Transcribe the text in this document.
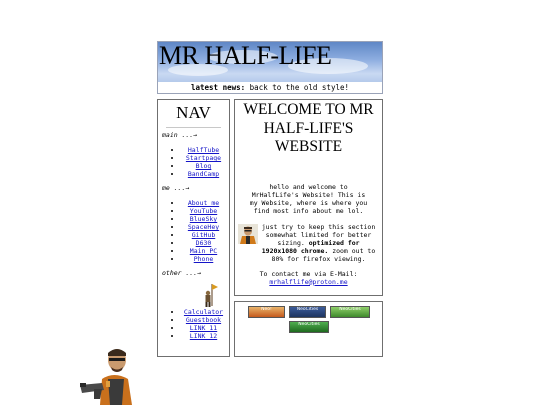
MR HALF-LIFE
latest news: back to the old style!
NAV
main ...→
• HalfTube
• Startpage
• Blog
• BandCamp
me ...→
• About me
• YouTube
• BlueSky
• SpaceHey
• GitHub
• D630
• Main PC
• Phone
other ...→
• Calculator
• Guestbook
• LINK 11
• LINK 12
WELCOME TO MR HALF-LIFE'S WEBSITE

hello and welcome to MrHalfLife's Website! This is my Website, where is where you find most info about me lol.

just try to keep this section somewhat limited for better sizing. optimized for 1920x1080 chrome. zoom out to 80% for firefox viewing.

To contact me via E-Mail:

mrhalflife@proton.me

Neo!	NeoCities	NeoCities
NeoCities
